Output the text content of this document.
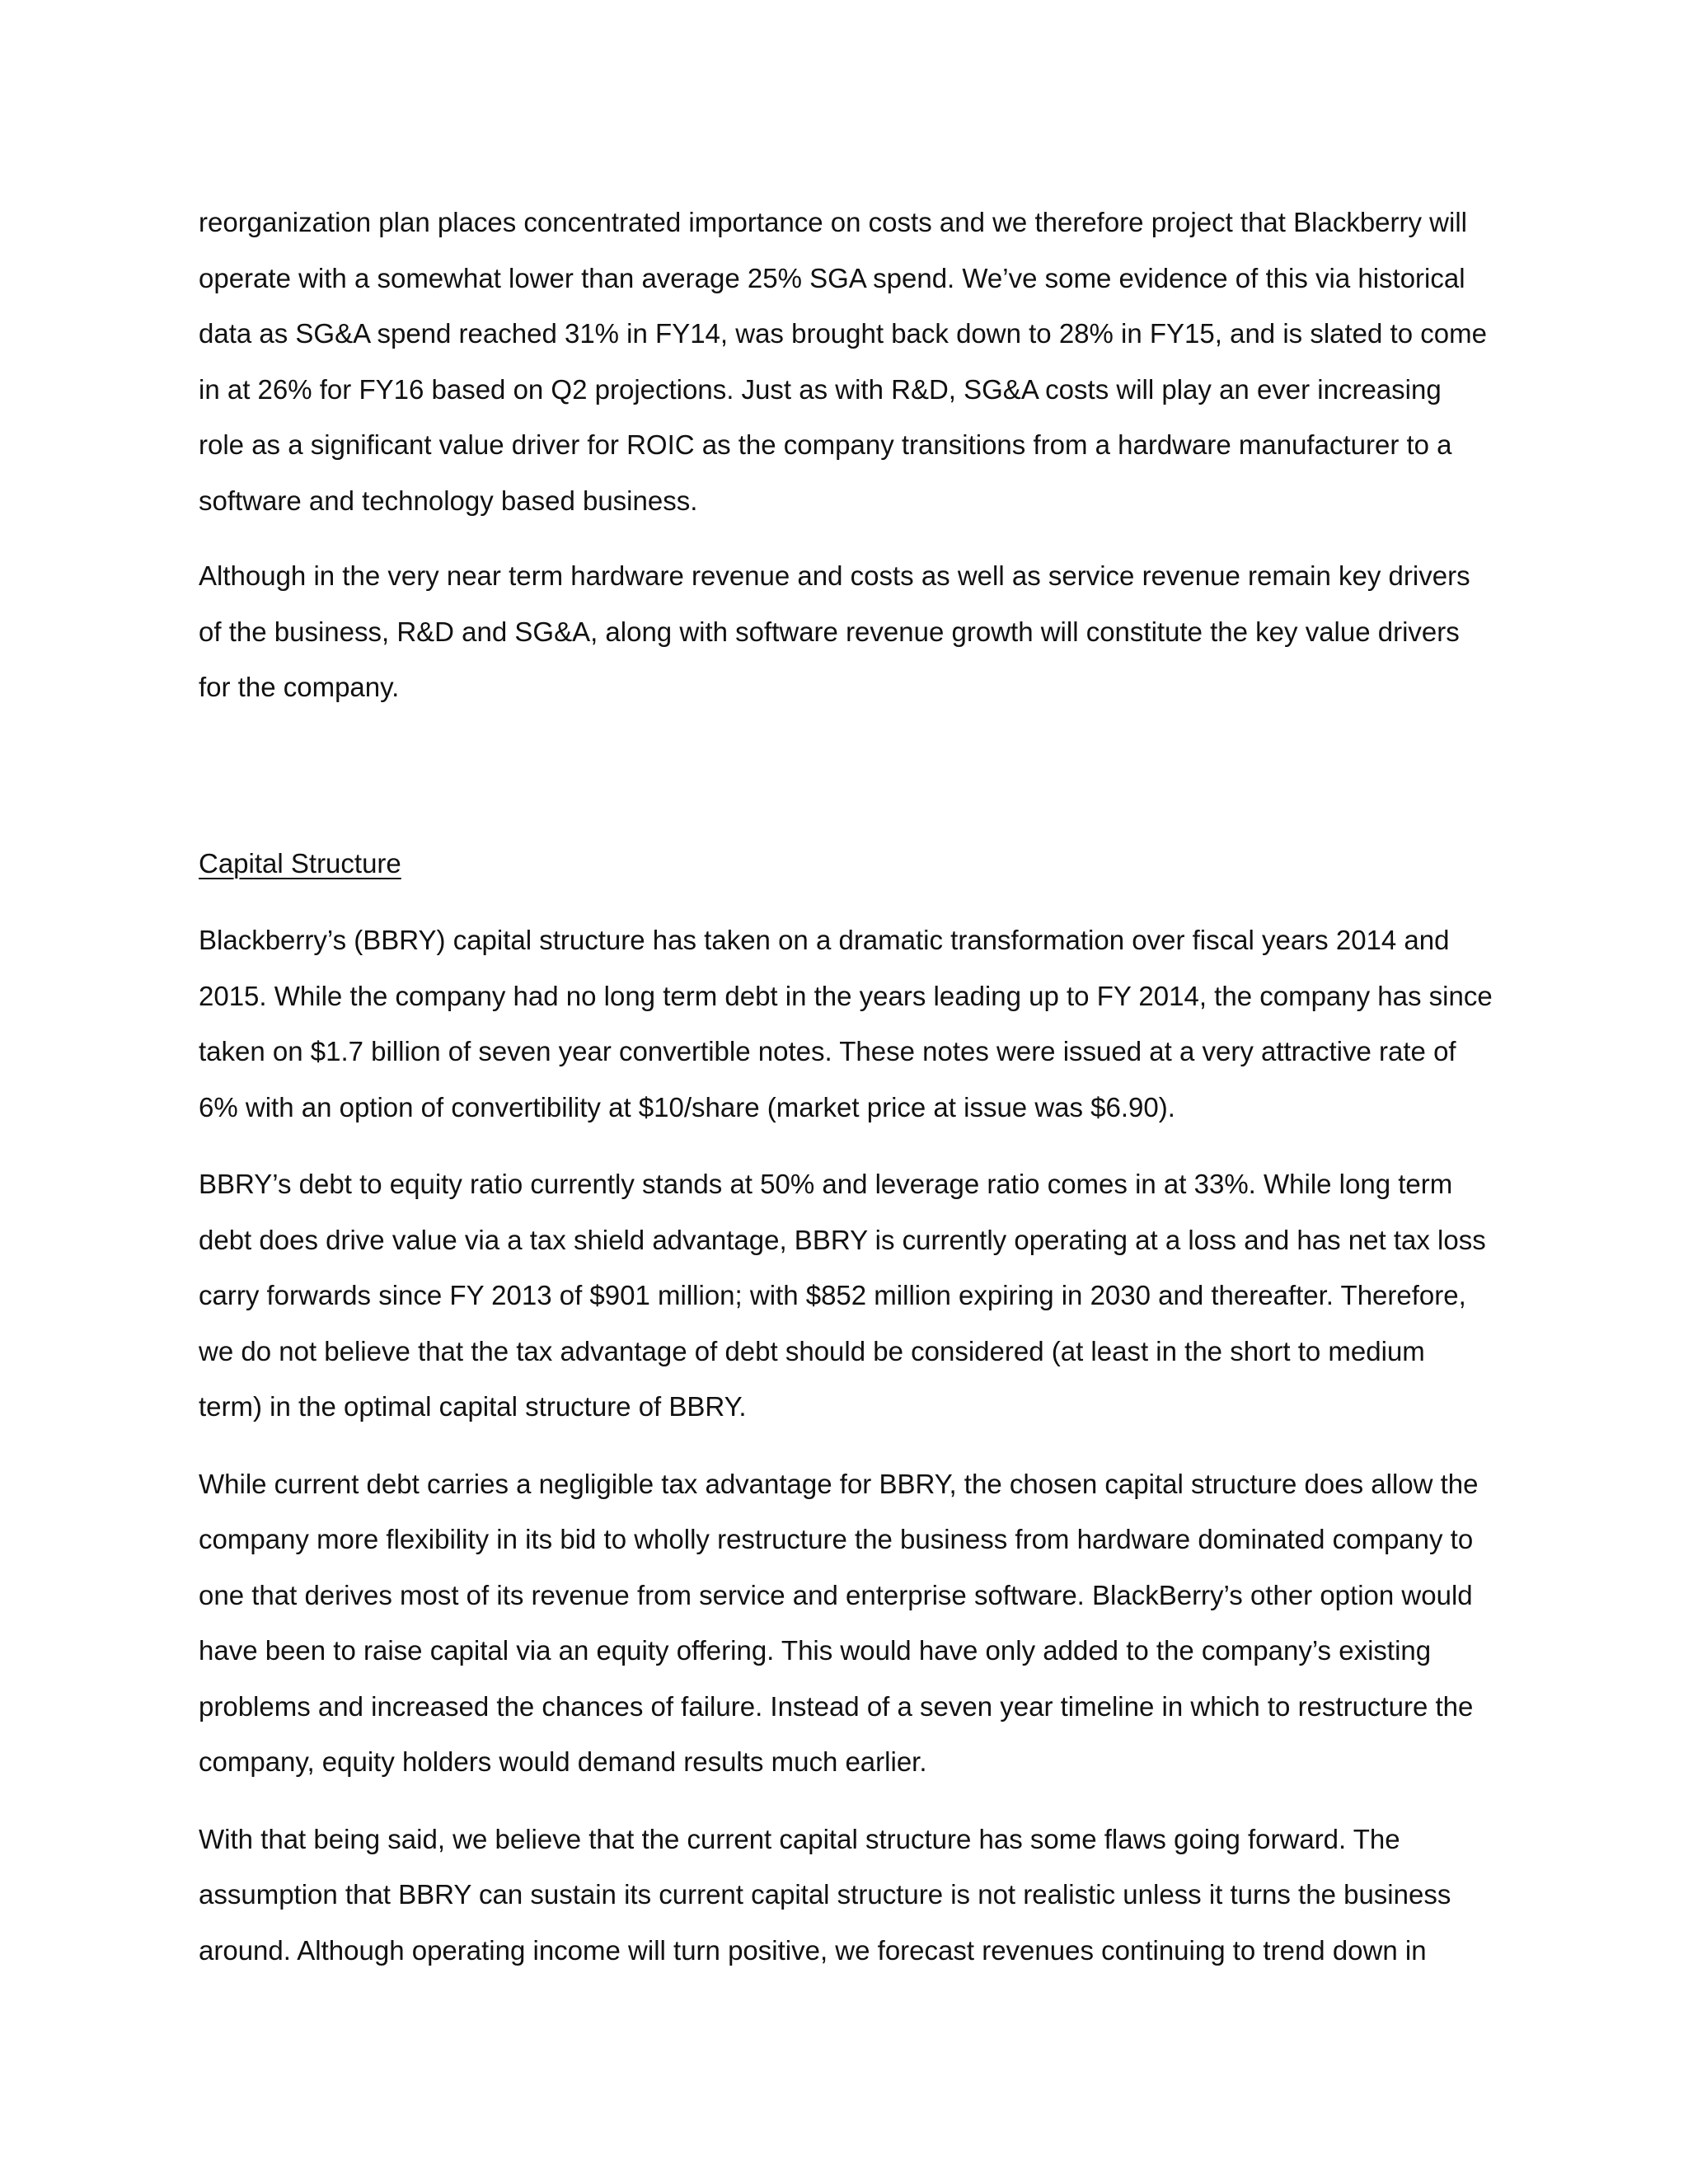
reorganization plan places concentrated importance on costs and we therefore project that Blackberry will operate with a somewhat lower than average 25% SGA spend. We’ve some evidence of this via historical data as SG&A spend reached 31% in FY14, was brought back down to 28% in FY15, and is slated to come in at 26% for FY16 based on Q2 projections. Just as with R&D, SG&A costs will play an ever increasing role as a significant value driver for ROIC as the company transitions from a hardware manufacturer to a software and technology based business.

Although in the very near term hardware revenue and costs as well as service revenue remain key drivers of the business, R&D and SG&A, along with software revenue growth will constitute the key value drivers for the company.

Capital Structure

Blackberry’s (BBRY) capital structure has taken on a dramatic transformation over fiscal years 2014 and 2015. While the company had no long term debt in the years leading up to FY 2014, the company has since taken on $1.7 billion of seven year convertible notes. These notes were issued at a very attractive rate of 6% with an option of convertibility at $10/share (market price at issue was $6.90).

BBRY’s debt to equity ratio currently stands at 50% and leverage ratio comes in at 33%. While long term debt does drive value via a tax shield advantage, BBRY is currently operating at a loss and has net tax loss carry forwards since FY 2013 of $901 million; with $852 million expiring in 2030 and thereafter. Therefore, we do not believe that the tax advantage of debt should be considered (at least in the short to medium term) in the optimal capital structure of BBRY.

While current debt carries a negligible tax advantage for BBRY, the chosen capital structure does allow the company more flexibility in its bid to wholly restructure the business from hardware dominated company to one that derives most of its revenue from service and enterprise software. BlackBerry’s other option would have been to raise capital via an equity offering. This would have only added to the company’s existing problems and increased the chances of failure. Instead of a seven year timeline in which to restructure the company, equity holders would demand results much earlier.

With that being said, we believe that the current capital structure has some flaws going forward. The assumption that BBRY can sustain its current capital structure is not realistic unless it turns the business around. Although operating income will turn positive, we forecast revenues continuing to trend down in
